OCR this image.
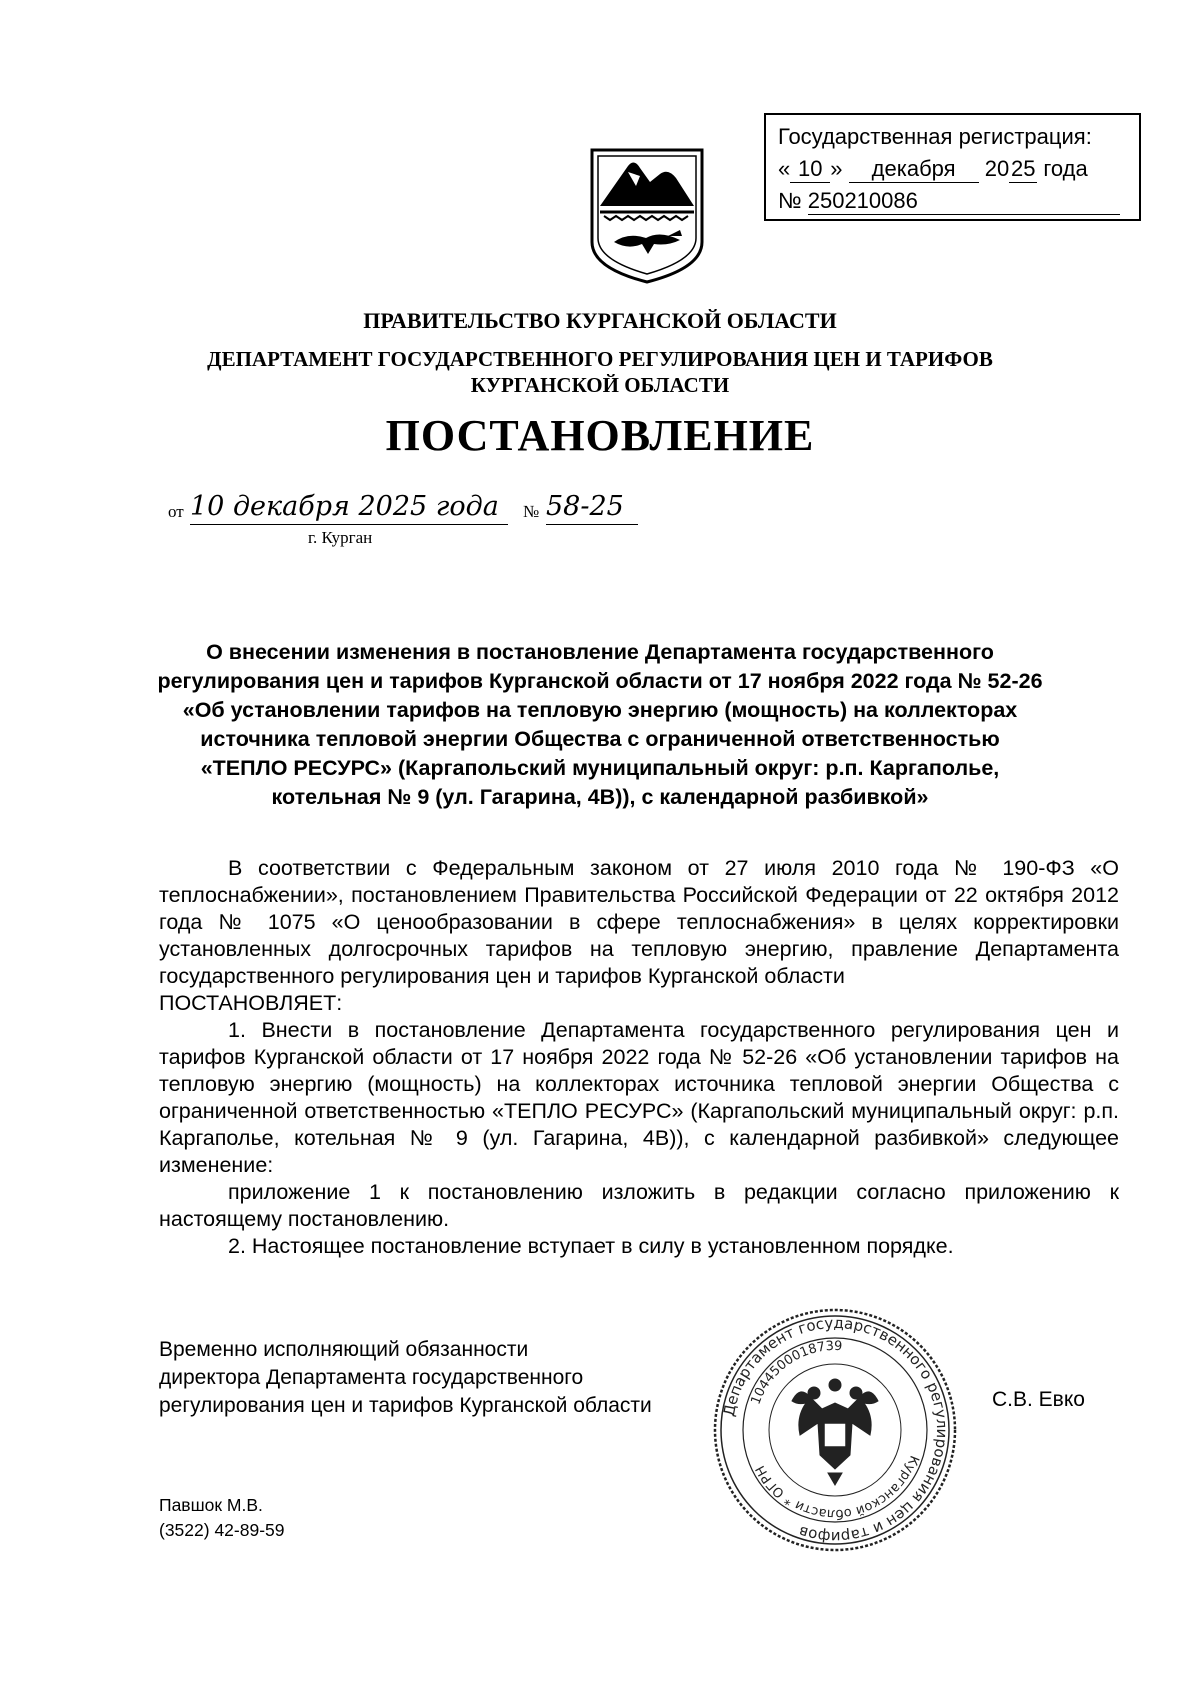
Государственная регистрация:
« 10 » декабря 2025 года
№ 250210086
ПРАВИТЕЛЬСТВО КУРГАНСКОЙ ОБЛАСТИ
ДЕПАРТАМЕНТ ГОСУДАРСТВЕННОГО РЕГУЛИРОВАНИЯ ЦЕН И ТАРИФОВ
КУРГАНСКОЙ ОБЛАСТИ
ПОСТАНОВЛЕНИЕ
от 10 декабря 2025 года	№ 58-25
г. Курган
О внесении изменения в постановление Департамента государственного
регулирования цен и тарифов Курганской области от 17 ноября 2022 года № 52-26
«Об установлении тарифов на тепловую энергию (мощность) на коллекторах
источника тепловой энергии Общества с ограниченной ответственностью
«ТЕПЛО РЕСУРС» (Каргапольский муниципальный округ: р.п. Каргаполье,
котельная № 9 (ул. Гагарина, 4В)), с календарной разбивкой»

В соответствии с Федеральным законом от 27 июля 2010 года № 190-ФЗ «О теплоснабжении», постановлением Правительства Российской Федерации от 22 октября 2012 года № 1075 «О ценообразовании в сфере теплоснабжения» в целях корректировки установленных долгосрочных тарифов на тепловую энергию, правление Департамента государственного регулирования цен и тарифов Курганской области

ПОСТАНОВЛЯЕТ:

1. Внести в постановление Департамента государственного регулирования цен и тарифов Курганской области от 17 ноября 2022 года № 52-26 «Об установлении тарифов на тепловую энергию (мощность) на коллекторах источника тепловой энергии Общества с ограниченной ответственностью «ТЕПЛО РЕСУРС» (Каргапольский муниципальный округ: р.п. Каргаполье, котельная № 9 (ул. Гагарина, 4В)), с календарной разбивкой» следующее изменение:

приложение 1 к постановлению изложить в редакции согласно приложению к настоящему постановлению.

2. Настоящее постановление вступает в силу в установленном порядке.

Временно исполняющий обязанности
директора Департамента государственного
регулирования цен и тарифов Курганской области	С.В. Евко
Департамент государственного регулирования цен и тарифов
Курганской области * ОГРН
1044500018739
Павшок М.В.
(3522) 42-89-59
